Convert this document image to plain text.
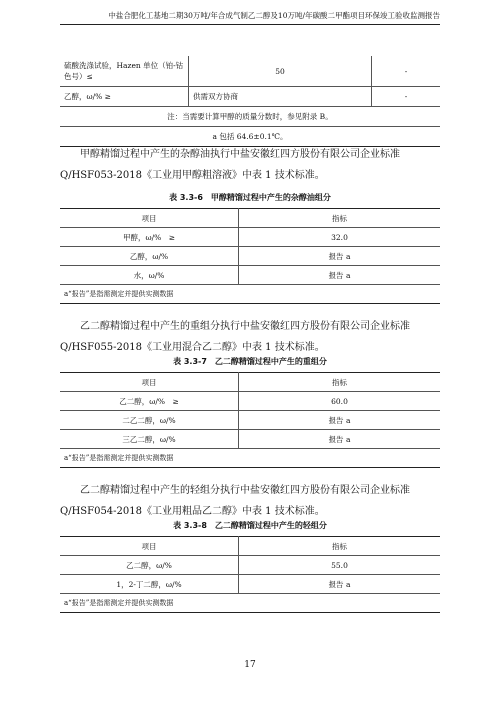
中盐合肥化工基地二期30万吨/年合成气制乙二醇及10万吨/年碳酸二甲酯项目环保竣工验收监测报告
硫酸洗涤试验，Hazen 单位（铂-钴色号）≤	50	-
乙醇，ω/% ≥	供需双方协商	-
注：当需要计算甲醇的质量分数时，参见附录 B。		
a 包括 64.6±0.1℃。		
甲醇精馏过程中产生的杂醇油执行中盐安徽红四方股份有限公司企业标准
Q/HSF053-2018《工业用甲醇粗溶液》中表 1 技术标准。
表 3.3-6　甲醇精馏过程中产生的杂醇油组分
项目	指标
甲醇，ω/%　≥	32.0
乙醇，ω/%	报告 a
水，ω/%	报告 a
a“报告”是指需测定并提供实测数据	
乙二醇精馏过程中产生的重组分执行中盐安徽红四方股份有限公司企业标准
Q/HSF055-2018《工业用混合乙二醇》中表 1 技术标准。
表 3.3-7　乙二醇精馏过程中产生的重组分
项目	指标
乙二醇，ω/%　≥	60.0
二乙二醇，ω/%	报告 a
三乙二醇，ω/%	报告 a
a“报告”是指需测定并提供实测数据	
乙二醇精馏过程中产生的轻组分执行中盐安徽红四方股份有限公司企业标准
Q/HSF054-2018《工业用粗品乙二醇》中表 1 技术标准。
表 3.3-8　乙二醇精馏过程中产生的轻组分
项目	指标
乙二醇，ω/%	55.0
1，2-丁二醇，ω/%	报告 a
a“报告”是指需测定并提供实测数据	
17
